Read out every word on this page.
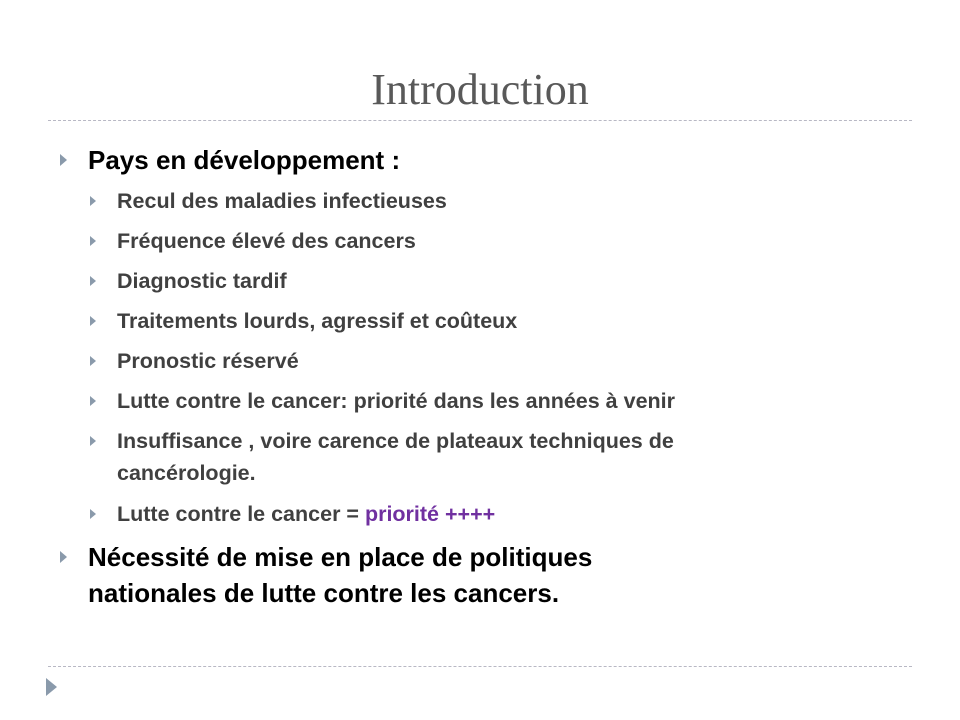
Introduction
Pays en développement :
Recul des maladies infectieuses
Fréquence élevé des cancers
Diagnostic tardif
Traitements lourds, agressif et coûteux
Pronostic réservé
Lutte contre le cancer: priorité dans les années à venir
Insuffisance , voire carence de plateaux techniques de
cancérologie.
Lutte contre le cancer = priorité ++++
Nécessité de mise en place de politiques
nationales de lutte contre les cancers.
